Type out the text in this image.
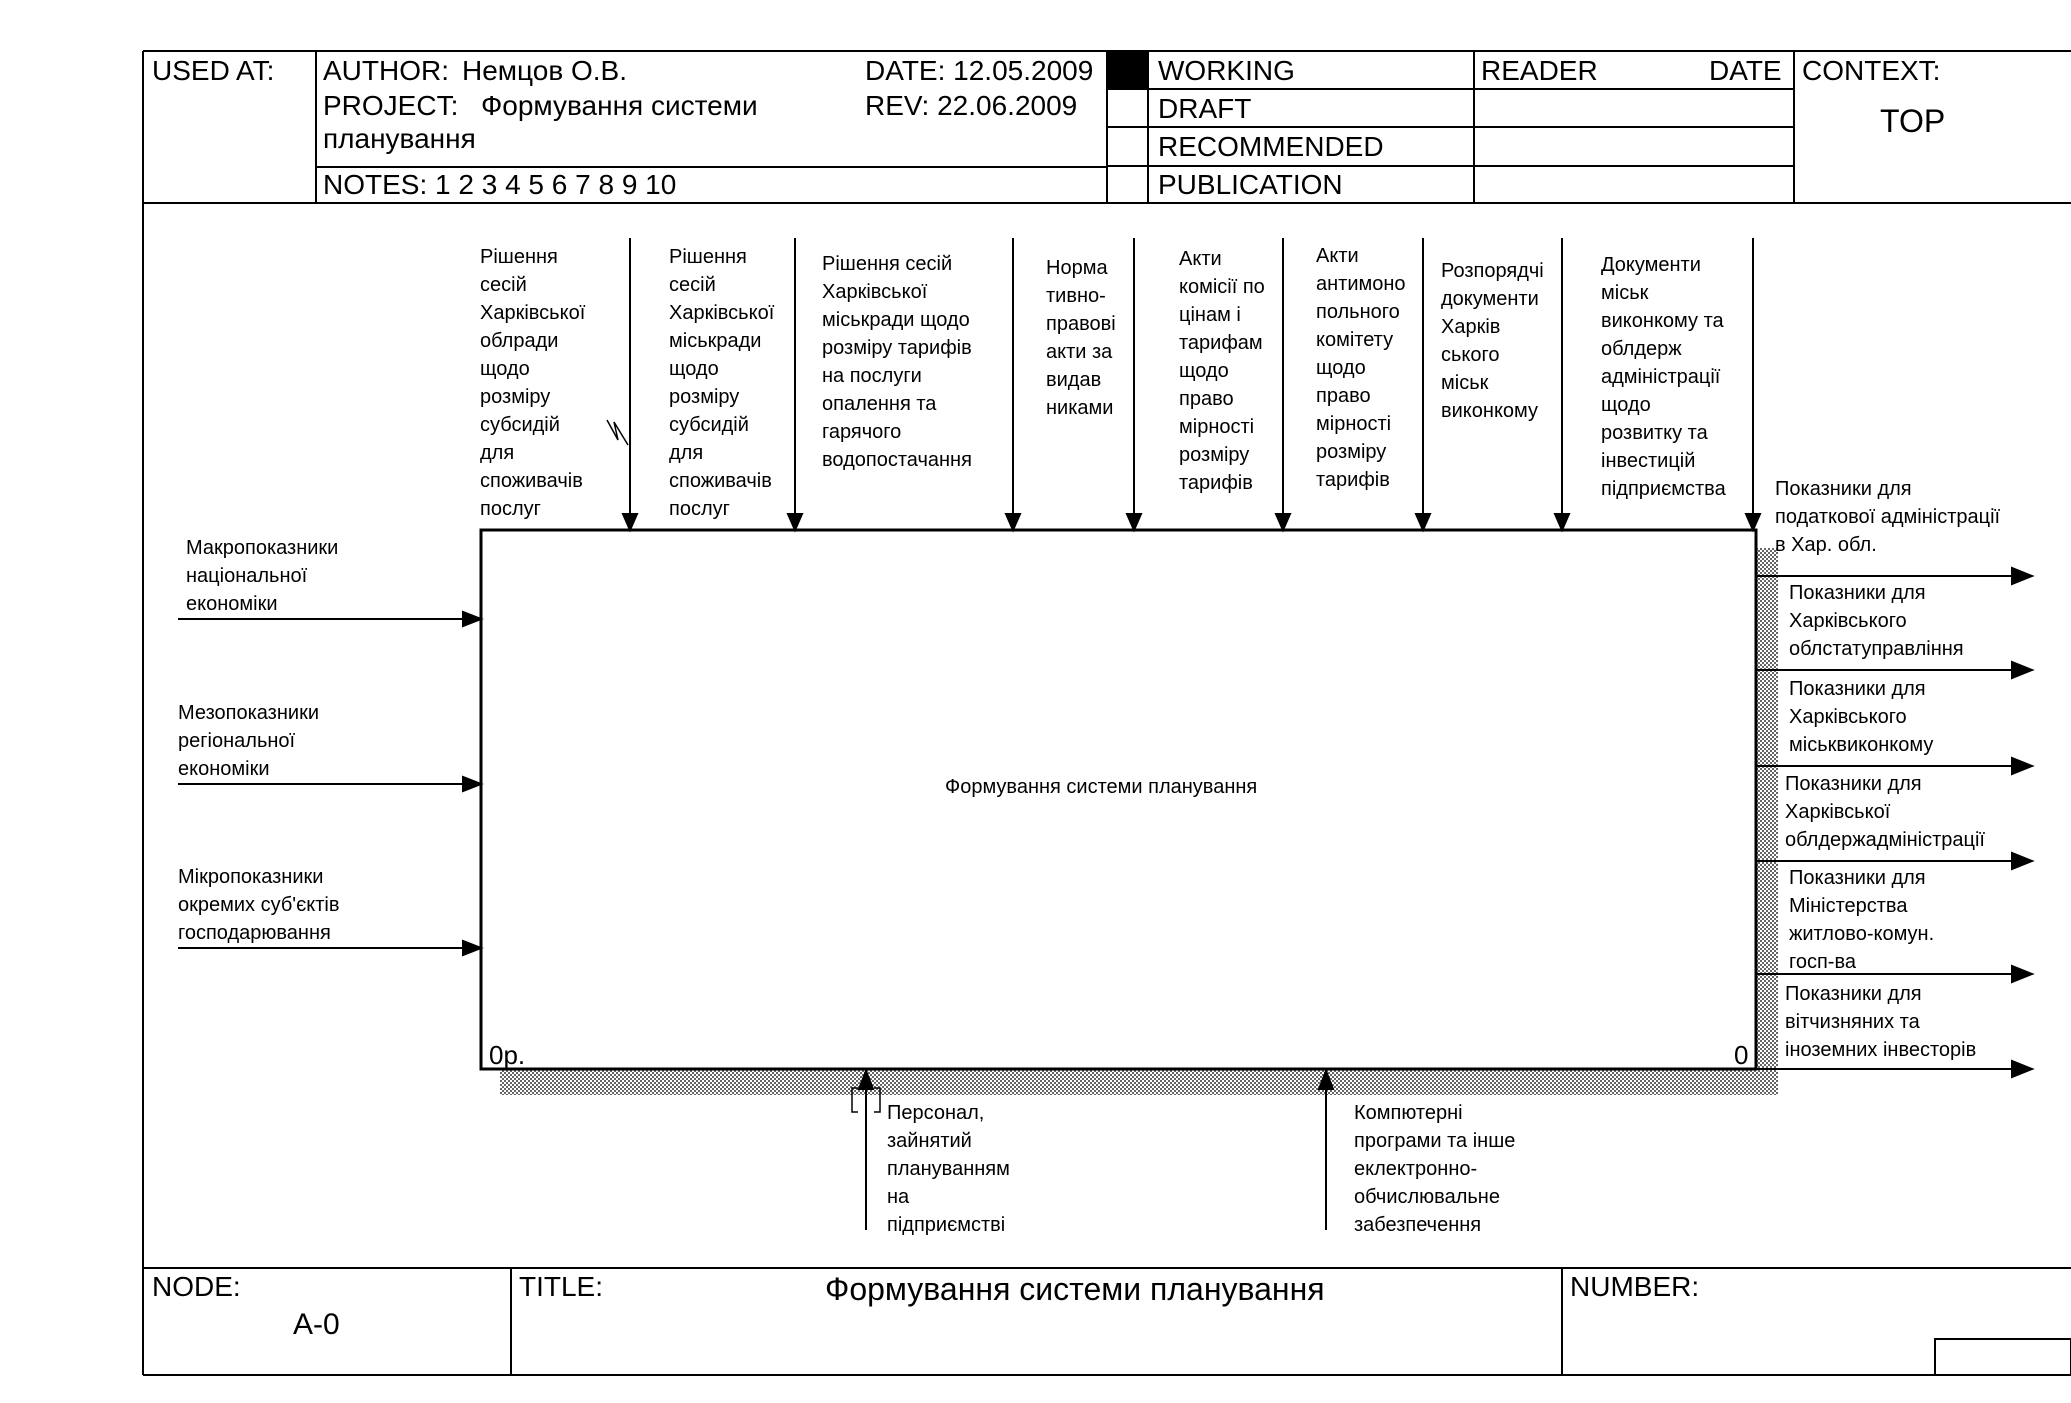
USED AT: AUTHOR: Немцов О.В.
PROJECT: Формування системи
планування
NOTES: 1 2 3 4 5 6 7 8 9 10
DATE: 12.05.2009
REV: 22.06.2009
WORKING
DRAFT
RECOMMENDED
PUBLICATION
READER	DATE CONTEXT:
TOP
Формування системи планування
0р.	0
Рішення
сесій
Харківської
облради
щодо
розміру
субсидій
для
споживачів
послуг
Рішення
сесій
Харківської
міськради
щодо
розміру
субсидій
для
споживачів
послуг
Рішення сесій
Харківської
міськради щодо
розміру тарифів
на послуги
опалення та
гарячого
водопостачання
Норма
тивно-
правові
акти за
видав
никами
Акти
комісії по
цінам і
тарифам
щодо
право
мірності
розміру
тарифів
Акти
антимоно
польного
комітету
щодо
право
мірності
розміру
тарифів
Розпорядчі
документи
Харків
ського
міськ
виконкому
Документи
міськ
виконкому та
облдерж
адміністрації
щодо
розвитку та
інвестицій
підприємства
Макропоказники
національної
економіки
Мезопоказники
регіональної
економіки
Мікропоказники
окремих суб'єктів
господарювання
Показники для
податкової адміністрації
в Хар. обл.
Показники для
Харківського
облстатуправління
Показники для
Харківського
міськвиконкому
Показники для
Харківської
облдержадміністрації
Показники для
Міністерства
житлово-комун.
госп-ва
Показники для
вітчизняних та
іноземних інвесторів
Персонал,
зайнятий
плануванням
на
підприємстві
Компютерні
програми та інше
еклектронно-
обчислювальне
забезпечення
NODE:
A-0
TITLE:	Формування системи планування	NUMBER:
